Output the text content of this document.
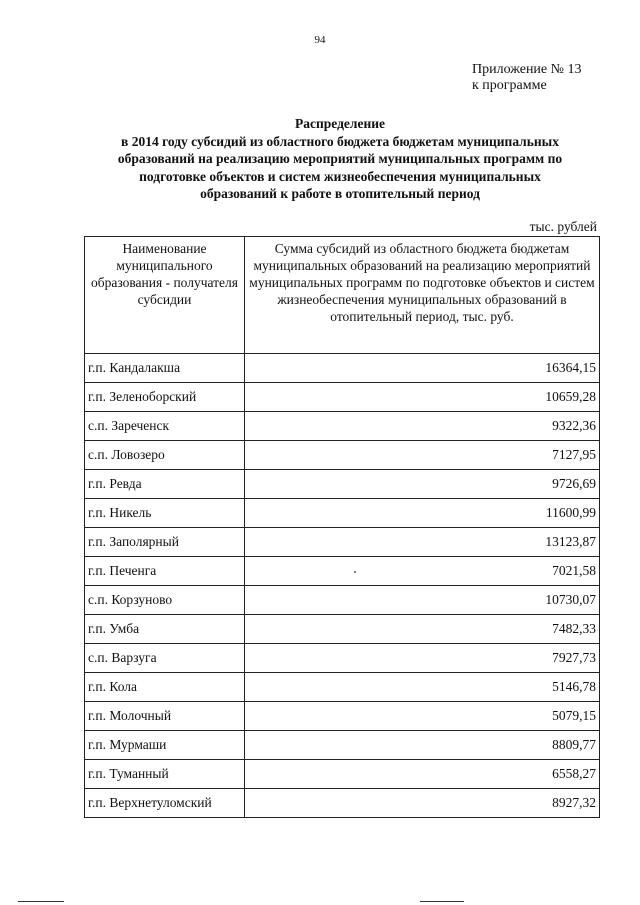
94
Приложение № 13
к программе
Распределение
в 2014 году субсидий из областного бюджета бюджетам муниципальных
образований на реализацию мероприятий муниципальных программ по
подготовке объектов и систем жизнеобеспечения муниципальных
образований к работе в отопительный период
тыс. рублей
Наименование муниципального образования - получателя субсидии	Сумма субсидий из областного бюджета бюджетам муниципальных образований на реализацию мероприятий муниципальных программ по подготовке объектов и систем жизнеобеспечения муниципальных образований в отопительный период, тыс. руб.
г.п. Кандалакша	16364,15
г.п. Зеленоборский	10659,28
с.п. Зареченск	9322,36
с.п. Ловозеро	7127,95
г.п. Ревда	9726,69
г.п. Никель	11600,99
г.п. Заполярный	13123,87
г.п. Печенга	7021,58
с.п. Корзуново	10730,07
г.п. Умба	7482,33
с.п. Варзуга	7927,73
г.п. Кола	5146,78
г.п. Молочный	5079,15
г.п. Мурмаши	8809,77
г.п. Туманный	6558,27
г.п. Верхнетуломский	8927,32
